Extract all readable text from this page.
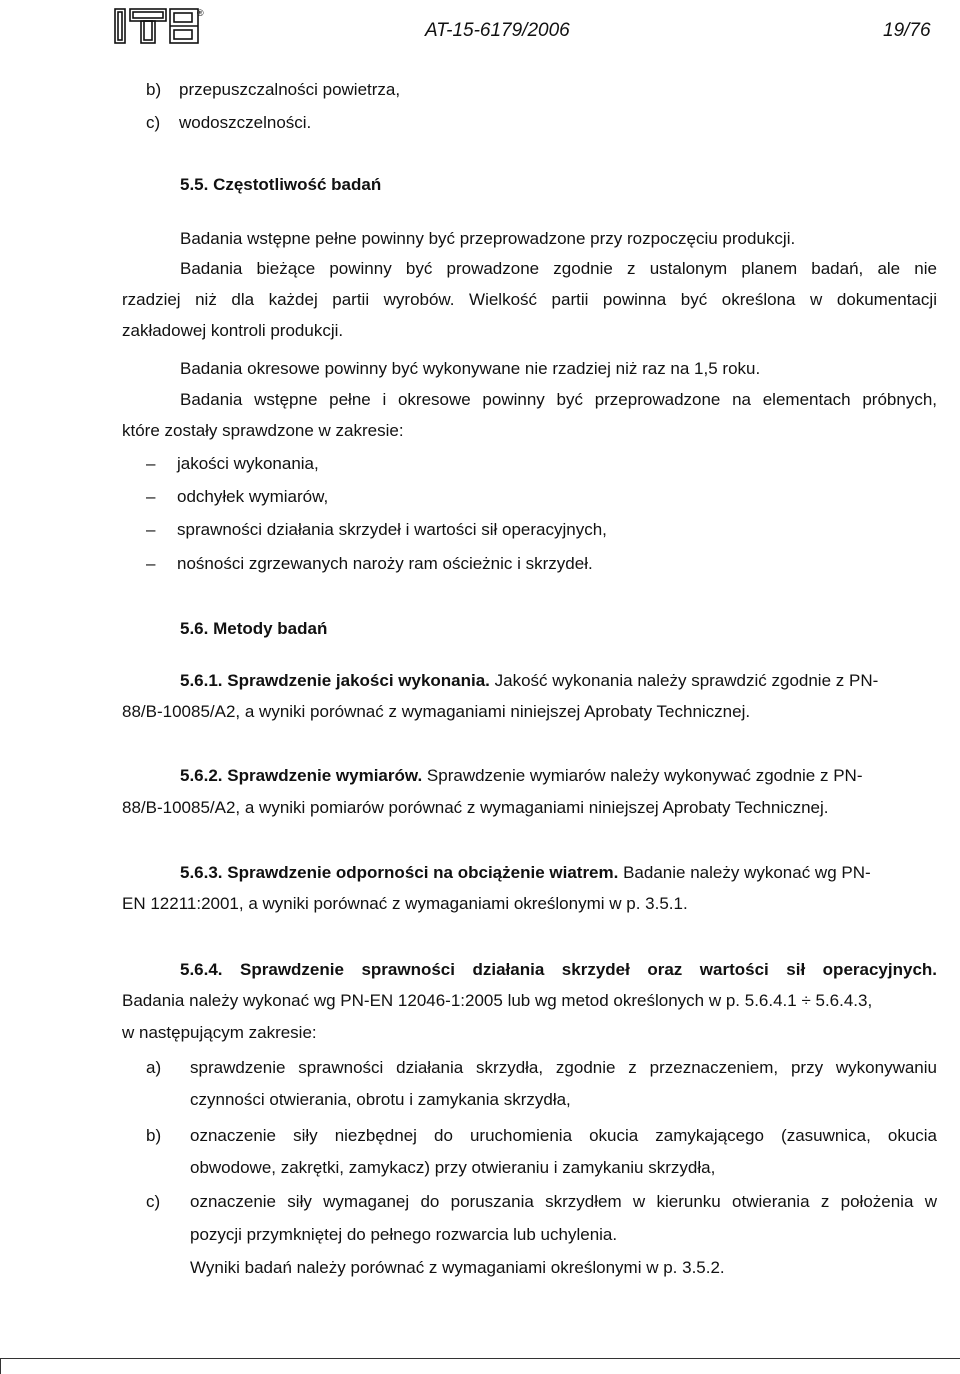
®
AT-15-6179/2006	19/76
b) przepuszczalności powietrza,
c) wodoszczelności.
5.5. Częstotliwość badań
Badania wstępne pełne powinny być przeprowadzone przy rozpoczęciu produkcji.
Badania bieżące powinny być prowadzone zgodnie z ustalonym planem badań, ale nie
rzadziej niż dla każdej partii wyrobów. Wielkość partii powinna być określona w dokumentacji
zakładowej kontroli produkcji.
Badania okresowe powinny być wykonywane nie rzadziej niż raz na 1,5 roku.
Badania wstępne pełne i okresowe powinny być przeprowadzone na elementach próbnych,
które zostały sprawdzone w zakresie:
– jakości wykonania,
– odchyłek wymiarów,
– sprawności działania skrzydeł i wartości sił operacyjnych,
– nośności zgrzewanych naroży ram ościeżnic i skrzydeł.
5.6. Metody badań
5.6.1. Sprawdzenie jakości wykonania. Jakość wykonania należy sprawdzić zgodnie z PN-
88/B-10085/A2, a wyniki porównać z wymaganiami niniejszej Aprobaty Technicznej.
5.6.2. Sprawdzenie wymiarów. Sprawdzenie wymiarów należy wykonywać zgodnie z PN-
88/B-10085/A2, a wyniki pomiarów porównać z wymaganiami niniejszej Aprobaty Technicznej.
5.6.3. Sprawdzenie odporności na obciążenie wiatrem. Badanie należy wykonać wg PN-
EN 12211:2001, a wyniki porównać z wymaganiami określonymi w p. 3.5.1.
5.6.4. Sprawdzenie sprawności działania skrzydeł oraz wartości sił operacyjnych.
Badania należy wykonać wg PN-EN 12046-1:2005 lub wg metod określonych w p. 5.6.4.1 ÷ 5.6.4.3,
w następującym zakresie:
a) sprawdzenie sprawności działania skrzydła, zgodnie z przeznaczeniem, przy wykonywaniu
czynności otwierania, obrotu i zamykania skrzydła,
b) oznaczenie siły niezbędnej do uruchomienia okucia zamykającego (zasuwnica, okucia
obwodowe, zakrętki, zamykacz) przy otwieraniu i zamykaniu skrzydła,
c) oznaczenie siły wymaganej do poruszania skrzydłem w kierunku otwierania z położenia w
pozycji przymkniętej do pełnego rozwarcia lub uchylenia.
Wyniki badań należy porównać z wymaganiami określonymi w p. 3.5.2.
